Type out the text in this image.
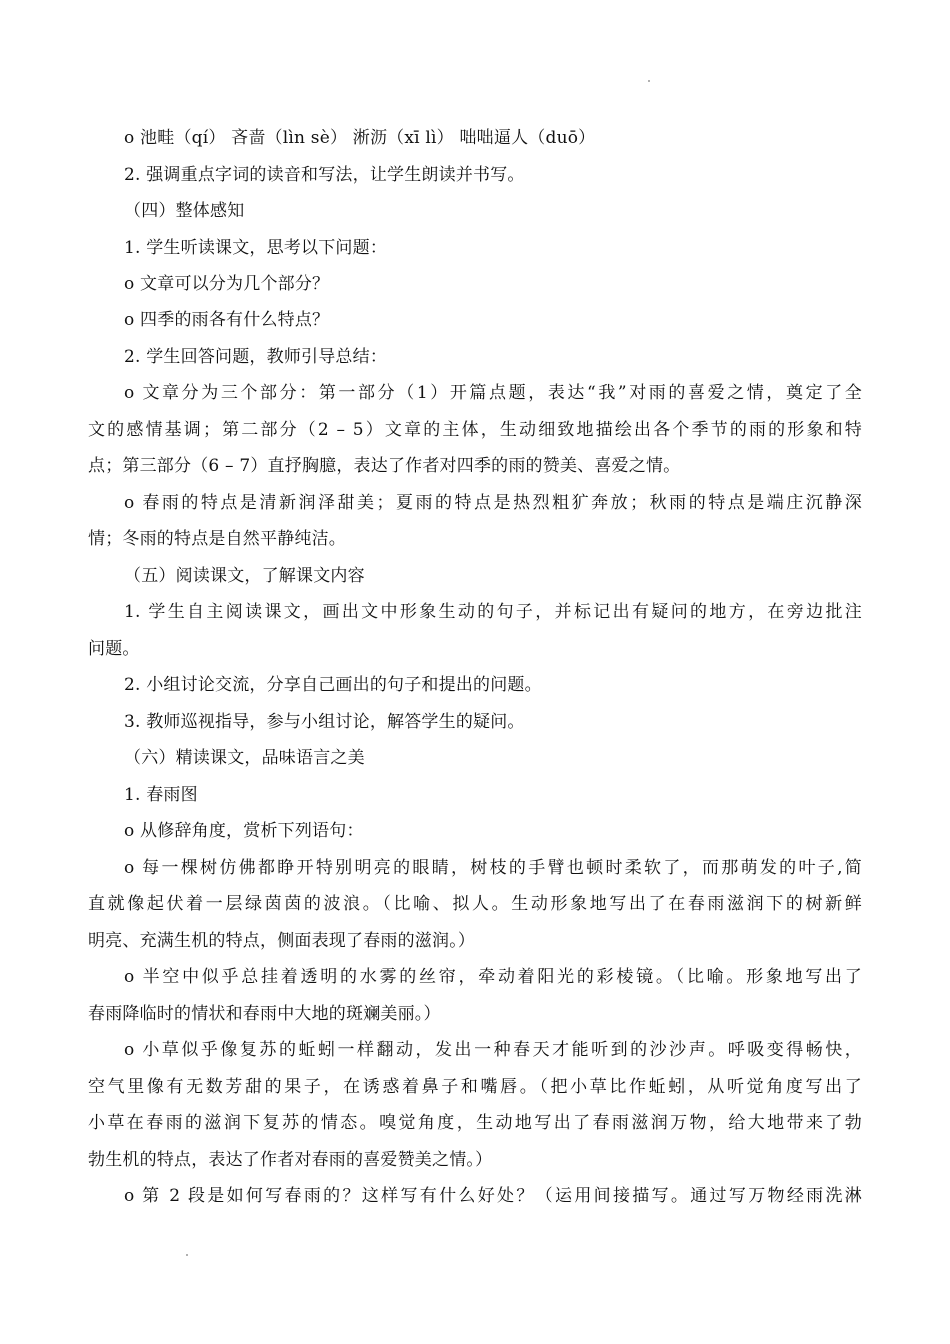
o 池畦（qí） 吝啬（lìn sè） 淅沥（xī lì） 咄咄逼人（duō）
2. 强调重点字词的读音和写法，让学生朗读并书写。
（四）整体感知
1. 学生听读课文，思考以下问题：
o 文章可以分为几个部分？
o 四季的雨各有什么特点？
2. 学生回答问题，教师引导总结：
o 文章分为三个部分：第一部分（1）开篇点题，表达“我”对雨的喜爱之情，奠定了全
文的感情基调；第二部分（2 – 5）文章的主体，生动细致地描绘出各个季节的雨的形象和特
点；第三部分（6 – 7）直抒胸臆，表达了作者对四季的雨的赞美、喜爱之情。
o 春雨的特点是清新润泽甜美；夏雨的特点是热烈粗犷奔放；秋雨的特点是端庄沉静深
情；冬雨的特点是自然平静纯洁。
（五）阅读课文，了解课文内容
1. 学生自主阅读课文，画出文中形象生动的句子，并标记出有疑问的地方，在旁边批注
问题。
2. 小组讨论交流，分享自己画出的句子和提出的问题。
3. 教师巡视指导，参与小组讨论，解答学生的疑问。
（六）精读课文，品味语言之美
1. 春雨图
o 从修辞角度，赏析下列语句：
o 每一棵树仿佛都睁开特别明亮的眼睛，树枝的手臂也顿时柔软了，而那萌发的叶子,简
直就像起伏着一层绿茵茵的波浪。（比喻、拟人。生动形象地写出了在春雨滋润下的树新鲜
明亮、充满生机的特点，侧面表现了春雨的滋润。）
o 半空中似乎总挂着透明的水雾的丝帘，牵动着阳光的彩棱镜。（比喻。形象地写出了
春雨降临时的情状和春雨中大地的斑斓美丽。）
o 小草似乎像复苏的蚯蚓一样翻动，发出一种春天才能听到的沙沙声。呼吸变得畅快，
空气里像有无数芳甜的果子，在诱惑着鼻子和嘴唇。（把小草比作蚯蚓，从听觉角度写出了
小草在春雨的滋润下复苏的情态。嗅觉角度，生动地写出了春雨滋润万物，给大地带来了勃
勃生机的特点，表达了作者对春雨的喜爱赞美之情。）
o 第 2 段是如何写春雨的？这样写有什么好处？（运用间接描写。通过写万物经雨洗淋
